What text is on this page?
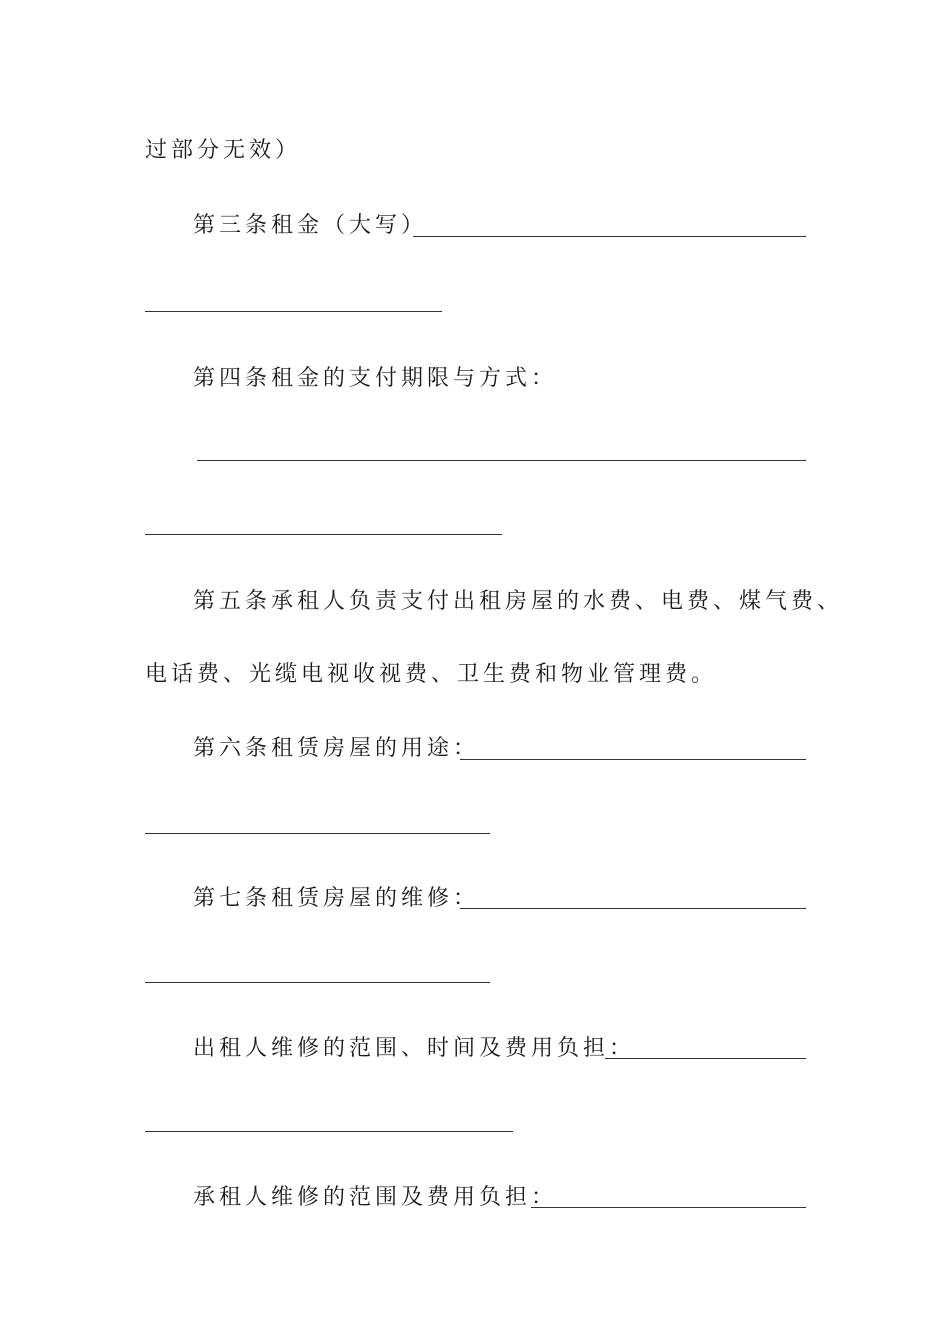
过部分无效）
第三条租金（大写）
第四条租金的支付期限与方式：
第五条承租人负责支付出租房屋的水费、电费、煤气费、
电话费、光缆电视收视费、卫生费和物业管理费。
第六条租赁房屋的用途：
第七条租赁房屋的维修：
出租人维修的范围、时间及费用负担：
承租人维修的范围及费用负担：
